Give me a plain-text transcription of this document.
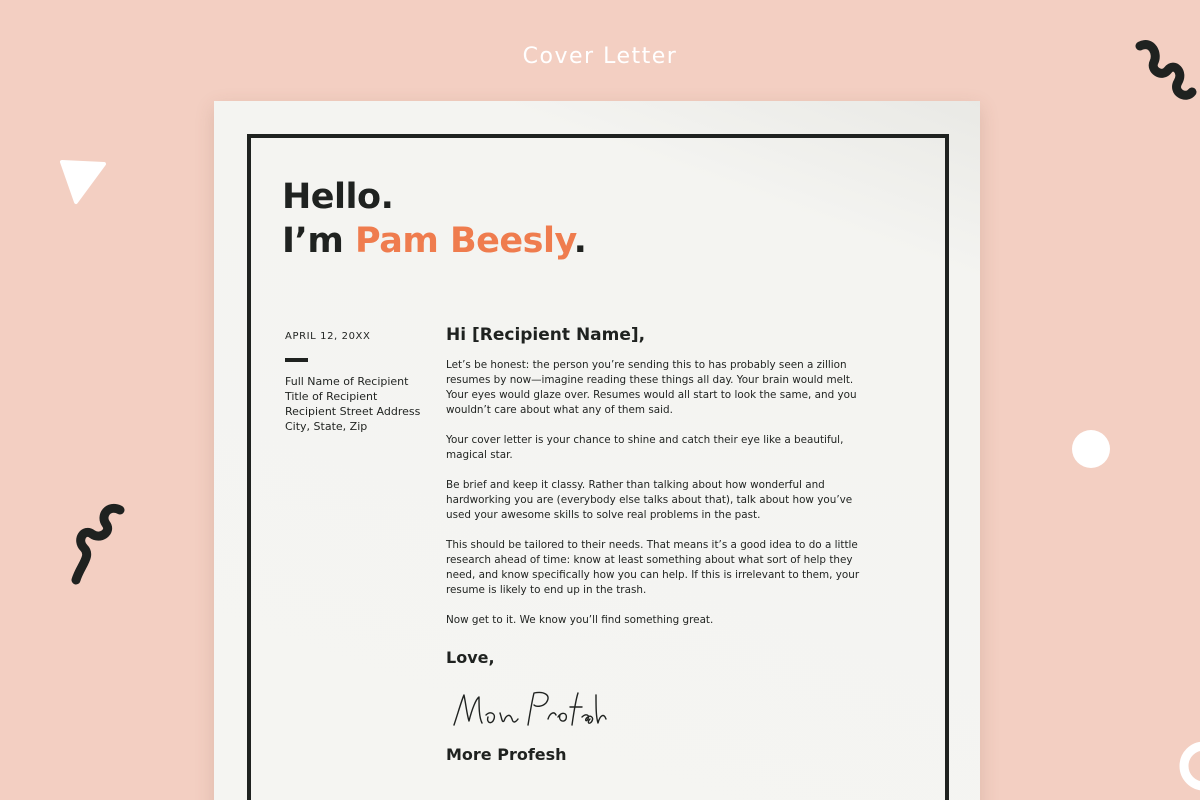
Cover Letter
Hello.
I’m Pam Beesly.
APRIL 12, 20XX
Full Name of Recipient
Title of Recipient
Recipient Street Address
City, State, Zip
Hi [Recipient Name],

Let’s be honest: the person you’re sending this to has probably seen a zillion resumes by now—imagine reading these things all day. Your brain would melt. Your eyes would glaze over. Resumes would all start to look the same, and you wouldn’t care about what any of them said.

Your cover letter is your chance to shine and catch their eye like a beautiful, magical star.

Be brief and keep it classy. Rather than talking about how wonderful and hardworking you are (everybody else talks about that), talk about how you’ve used your awesome skills to solve real problems in the past.

This should be tailored to their needs. That means it’s a good idea to do a little research ahead of time: know at least something about what sort of help they need, and know specifically how you can help. If this is irrelevant to them, your resume is likely to end up in the trash.

Now get to it. We know you’ll find something great.

Love,
More Profesh
